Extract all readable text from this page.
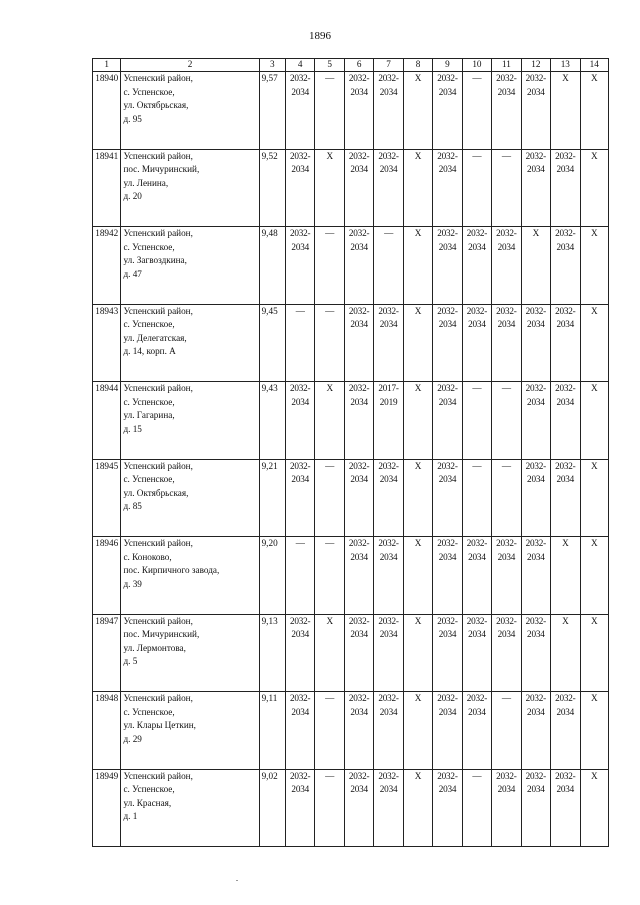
1896
1	2	3	4	5	6	7	8	9	10	11	12	13	14
18940	Успенский район,
с. Успенское,
ул. Октябрьская,
д. 95	9,57	2032-
2034	—	2032-
2034	2032-
2034	X	2032-
2034	—	2032-
2034	2032-
2034	X	X
18941	Успенский район,
пос. Мичуринский,
ул. Ленина,
д. 20	9,52	2032-
2034	X	2032-
2034	2032-
2034	X	2032-
2034	—	—	2032-
2034	2032-
2034	X
18942	Успенский район,
с. Успенское,
ул. Загвоздкина,
д. 47	9,48	2032-
2034	—	2032-
2034	—	X	2032-
2034	2032-
2034	2032-
2034	X	2032-
2034	X
18943	Успенский район,
с. Успенское,
ул. Делегатская,
д. 14, корп. А	9,45	—	—	2032-
2034	2032-
2034	X	2032-
2034	2032-
2034	2032-
2034	2032-
2034	2032-
2034	X
18944	Успенский район,
с. Успенское,
ул. Гагарина,
д. 15	9,43	2032-
2034	X	2032-
2034	2017-
2019	X	2032-
2034	—	—	2032-
2034	2032-
2034	X
18945	Успенский район,
с. Успенское,
ул. Октябрьская,
д. 85	9,21	2032-
2034	—	2032-
2034	2032-
2034	X	2032-
2034	—	—	2032-
2034	2032-
2034	X
18946	Успенский район,
с. Коноково,
пос. Кирпичного завода,
д. 39	9,20	—	—	2032-
2034	2032-
2034	X	2032-
2034	2032-
2034	2032-
2034	2032-
2034	X	X
18947	Успенский район,
пос. Мичуринский,
ул. Лермонтова,
д. 5	9,13	2032-
2034	X	2032-
2034	2032-
2034	X	2032-
2034	2032-
2034	2032-
2034	2032-
2034	X	X
18948	Успенский район,
с. Успенское,
ул. Клары Цеткин,
д. 29	9,11	2032-
2034	—	2032-
2034	2032-
2034	X	2032-
2034	2032-
2034	—	2032-
2034	2032-
2034	X
18949	Успенский район,
с. Успенское,
ул. Красная,
д. 1	9,02	2032-
2034	—	2032-
2034	2032-
2034	X	2032-
2034	—	2032-
2034	2032-
2034	2032-
2034	X
